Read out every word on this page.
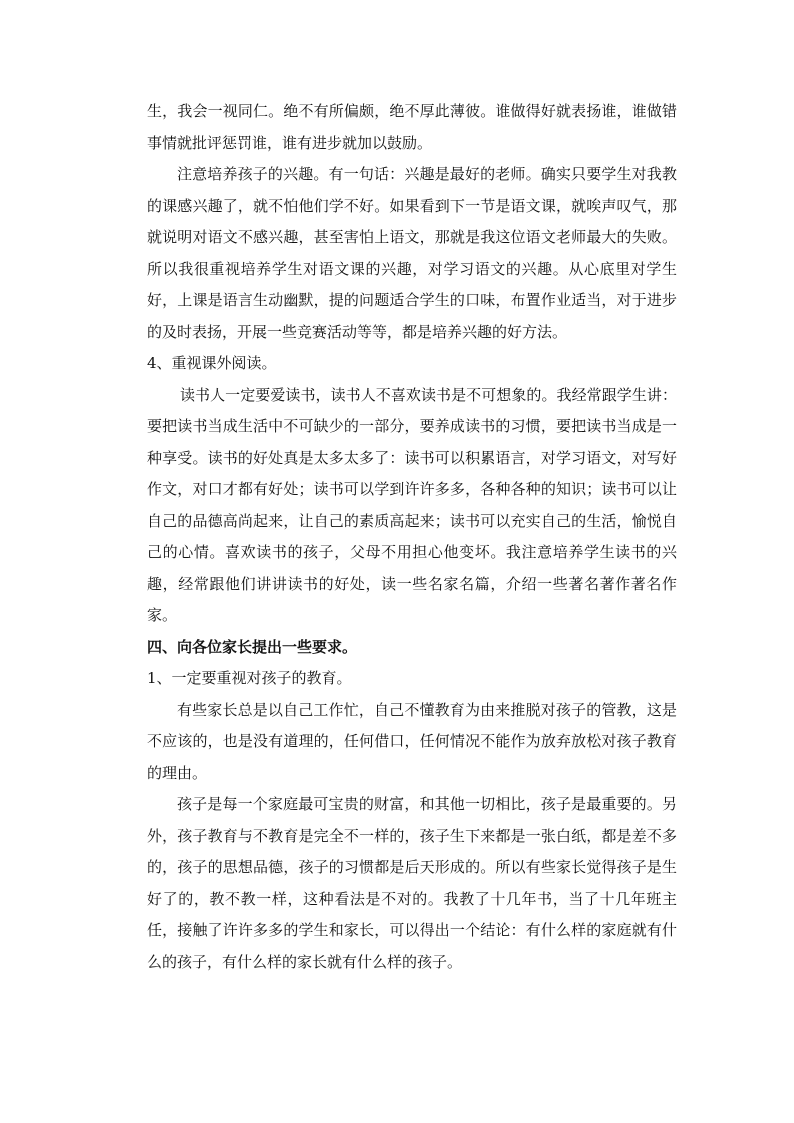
生，我会一视同仁。绝不有所偏颇，绝不厚此薄彼。谁做得好就表扬谁，谁做错事情就批评惩罚谁，谁有进步就加以鼓励。

注意培养孩子的兴趣。有一句话：兴趣是最好的老师。确实只要学生对我教的课感兴趣了，就不怕他们学不好。如果看到下一节是语文课，就唉声叹气，那就说明对语文不感兴趣，甚至害怕上语文，那就是我这位语文老师最大的失败。所以我很重视培养学生对语文课的兴趣，对学习语文的兴趣。从心底里对学生好，上课是语言生动幽默，提的问题适合学生的口味，布置作业适当，对于进步的及时表扬，开展一些竞赛活动等等，都是培养兴趣的好方法。

4、重视课外阅读。

读书人一定要爱读书，读书人不喜欢读书是不可想象的。我经常跟学生讲：要把读书当成生活中不可缺少的一部分，要养成读书的习惯，要把读书当成是一种享受。读书的好处真是太多太多了：读书可以积累语言，对学习语文，对写好作文，对口才都有好处；读书可以学到许许多多，各种各种的知识；读书可以让自己的品德高尚起来，让自己的素质高起来；读书可以充实自己的生活，愉悦自己的心情。喜欢读书的孩子，父母不用担心他变坏。我注意培养学生读书的兴趣，经常跟他们讲讲读书的好处，读一些名家名篇，介绍一些著名著作著名作家。

四、向各位家长提出一些要求。

1、一定要重视对孩子的教育。

有些家长总是以自己工作忙，自己不懂教育为由来推脱对孩子的管教，这是不应该的，也是没有道理的，任何借口，任何情况不能作为放弃放松对孩子教育的理由。

孩子是每一个家庭最可宝贵的财富，和其他一切相比，孩子是最重要的。另外，孩子教育与不教育是完全不一样的，孩子生下来都是一张白纸，都是差不多的，孩子的思想品德，孩子的习惯都是后天形成的。所以有些家长觉得孩子是生好了的，教不教一样，这种看法是不对的。我教了十几年书，当了十几年班主任，接触了许许多多的学生和家长，可以得出一个结论：有什么样的家庭就有什么的孩子，有什么样的家长就有什么样的孩子。
